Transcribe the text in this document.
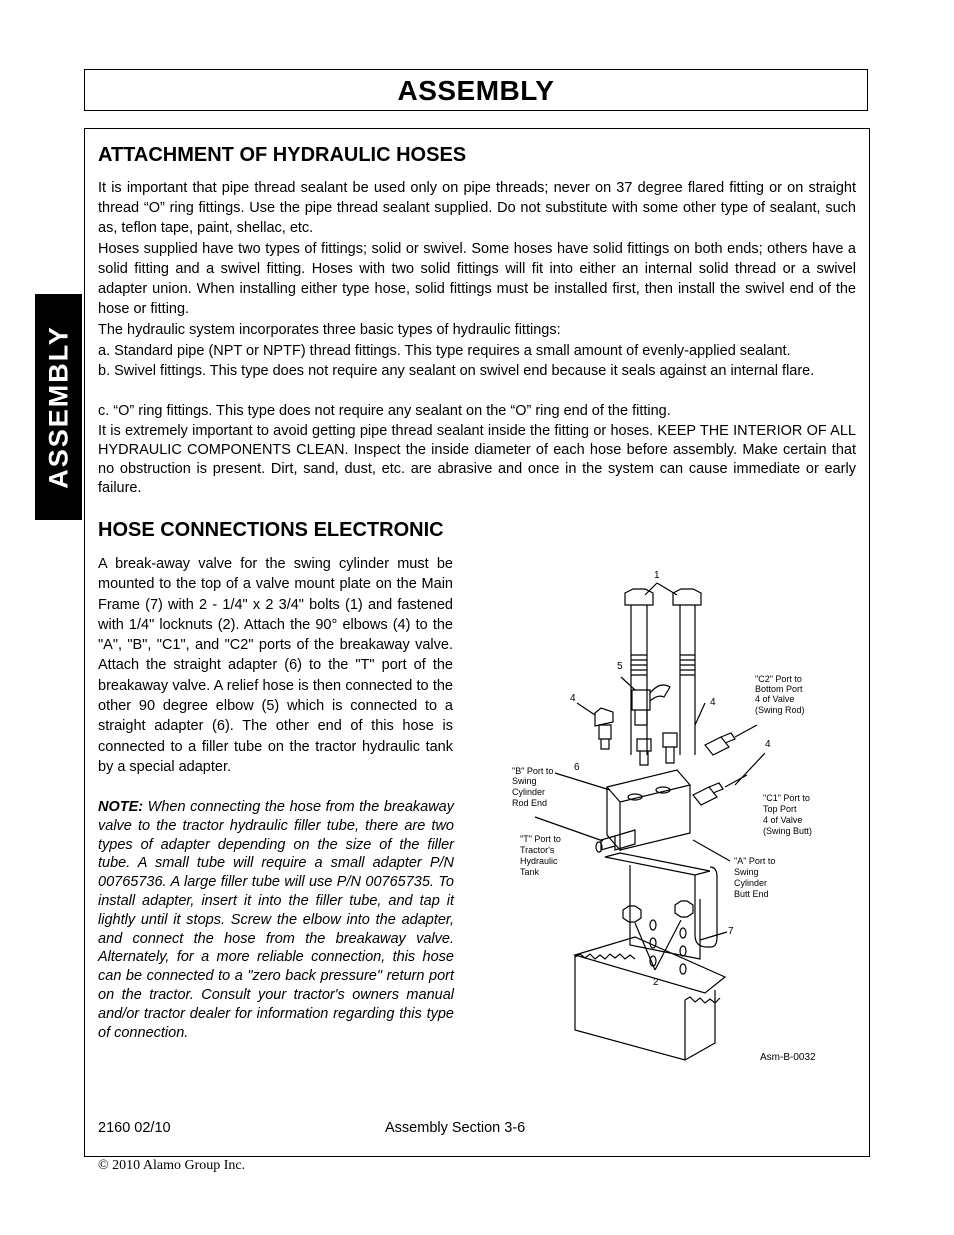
ASSEMBLY
ASSEMBLY
ATTACHMENT OF HYDRAULIC HOSES

It is important that pipe thread sealant be used only on pipe threads; never on 37 degree flared fitting or on straight thread “O” ring fittings. Use the pipe thread sealant supplied. Do not substitute with some other type of sealant, such as, teflon tape, paint, shellac, etc.

Hoses supplied have two types of fittings; solid or swivel. Some hoses have solid fittings on both ends; others have a solid fitting and a swivel fitting. Hoses with two solid fittings will fit into either an internal solid thread or a swivel adapter union. When installing either type hose, solid fittings must be installed first, then install the swivel end of the hose or fitting.

The hydraulic system incorporates three basic types of hydraulic fittings:

a. Standard pipe (NPT or NPTF) thread fittings. This type requires a small amount of evenly-applied sealant.

b. Swivel fittings. This type does not require any sealant on swivel end because it seals against an internal flare.

c. “O” ring fittings. This type does not require any sealant on the “O” ring end of the fitting.

It is extremely important to avoid getting pipe thread sealant inside the fitting or hoses. KEEP THE INTERIOR OF ALL HYDRAULIC COMPONENTS CLEAN. Inspect the inside diameter of each hose before assembly. Make certain that no obstruction is present. Dirt, sand, dust, etc. are abrasive and once in the system can cause immediate or early failure.

HOSE CONNECTIONS ELECTRONIC

A break-away valve for the swing cylinder must be mounted to the top of a valve mount plate on the Main Frame (7) with 2 - 1/4" x 2 3/4" bolts (1) and fastened with 1/4" locknuts (2). Attach the 90° elbows (4) to the "A", "B", "C1", and "C2" ports of the breakaway valve. Attach the straight adapter (6) to the "T" port of the breakaway valve. A relief hose is then connected to the other 90 degree elbow (5) which is connected to a straight adapter (6). The other end of this hose is connected to a filler tube on the tractor hydraulic tank by a special adapter.

NOTE: When connecting the hose from the breakaway valve to the tractor hydraulic filler tube, there are two types of adapter depending on the size of the filler tube. A small tube will require a small adapter P/N 00765736. A large filler tube will use P/N 00765735. To install adapter, insert it into the filler tube, and tap it lightly until it stops. Screw the elbow into the adapter, and connect the hose from the breakaway valve. Alternately, for a more reliable connection, this hose can be connected to a "zero back pressure" return port on the tractor. Consult your tractor's owners manual and/or tractor dealer for information regarding this type of connection.

1
2
4	4
4
5
6
7
"C2" Port to
Bottom Port
4 of Valve
(Swing Rod)
"B" Port to
Swing
Cylinder
Rod End	"C1" Port to
Top Port
4 of Valve
(Swing Butt)
"T" Port to
Tractor's
Hydraulic
Tank
"A" Port to
Swing
Cylinder
Butt End
Asm-B-0032
2160 02/10	Assembly Section 3-6
© 2010 Alamo Group Inc.
